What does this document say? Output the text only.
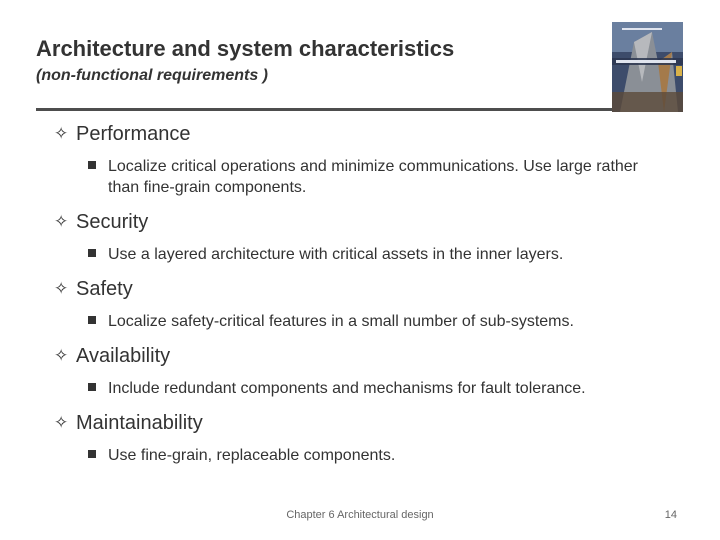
Architecture and system characteristics
(non-functional requirements )
✧ Performance
Localize critical operations and minimize communications. Use large rather than fine-grain components.
✧ Security
Use a layered architecture with critical assets in the inner layers.
✧ Safety
Localize safety-critical features in a small number of sub-systems.
✧ Availability
Include redundant components and mechanisms for fault tolerance.
✧ Maintainability
Use fine-grain, replaceable components.
Chapter 6 Architectural design	14
